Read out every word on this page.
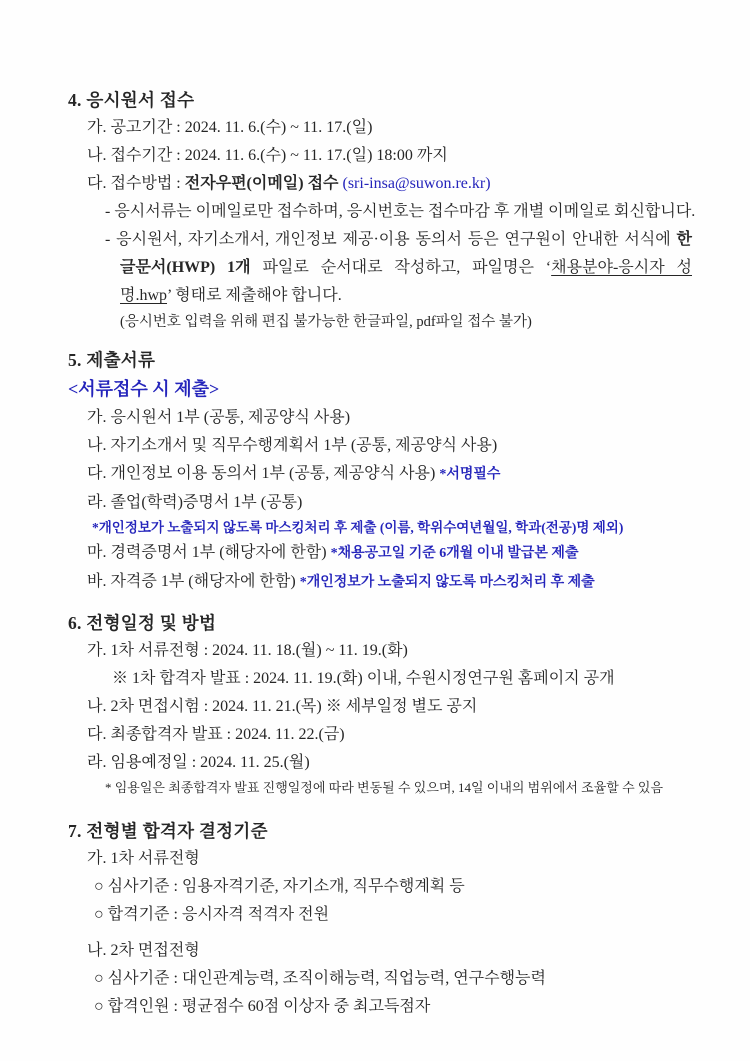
4. 응시원서 접수
가. 공고기간 : 2024. 11. 6.(수) ~ 11. 17.(일)
나. 접수기간 : 2024. 11. 6.(수) ~ 11. 17.(일) 18:00 까지
다. 접수방법 : 전자우편(이메일) 접수 (sri-insa@suwon.re.kr)
- 응시서류는 이메일로만 접수하며, 응시번호는 접수마감 후 개별 이메일로 회신합니다.
- 응시원서, 자기소개서, 개인정보 제공·이용 동의서 등은 연구원이 안내한 서식에 한
글문서(HWP) 1개 파일로 순서대로 작성하고, 파일명은 ‘채용분야-응시자 성
명.hwp’ 형태로 제출해야 합니다.
(응시번호 입력을 위해 편집 불가능한 한글파일, pdf파일 접수 불가)
5. 제출서류
<서류접수 시 제출>
가. 응시원서 1부 (공통, 제공양식 사용)
나. 자기소개서 및 직무수행계획서 1부 (공통, 제공양식 사용)
다. 개인정보 이용 동의서 1부 (공통, 제공양식 사용) *서명필수
라. 졸업(학력)증명서 1부 (공통)
*개인정보가 노출되지 않도록 마스킹처리 후 제출 (이름, 학위수여년월일, 학과(전공)명 제외)
마. 경력증명서 1부 (해당자에 한함) *채용공고일 기준 6개월 이내 발급본 제출
바. 자격증 1부 (해당자에 한함) *개인정보가 노출되지 않도록 마스킹처리 후 제출
6. 전형일정 및 방법
가. 1차 서류전형 : 2024. 11. 18.(월) ~ 11. 19.(화)
※ 1차 합격자 발표 : 2024. 11. 19.(화) 이내, 수원시정연구원 홈페이지 공개
나. 2차 면접시험 : 2024. 11. 21.(목) ※ 세부일정 별도 공지
다. 최종합격자 발표 : 2024. 11. 22.(금)
라. 임용예정일 : 2024. 11. 25.(월)
* 임용일은 최종합격자 발표 진행일정에 따라 변동될 수 있으며, 14일 이내의 범위에서 조율할 수 있음
7. 전형별 합격자 결정기준
가. 1차 서류전형
○ 심사기준 : 임용자격기준, 자기소개, 직무수행계획 등
○ 합격기준 : 응시자격 적격자 전원
나. 2차 면접전형
○ 심사기준 : 대인관계능력, 조직이해능력, 직업능력, 연구수행능력
○ 합격인원 : 평균점수 60점 이상자 중 최고득점자
